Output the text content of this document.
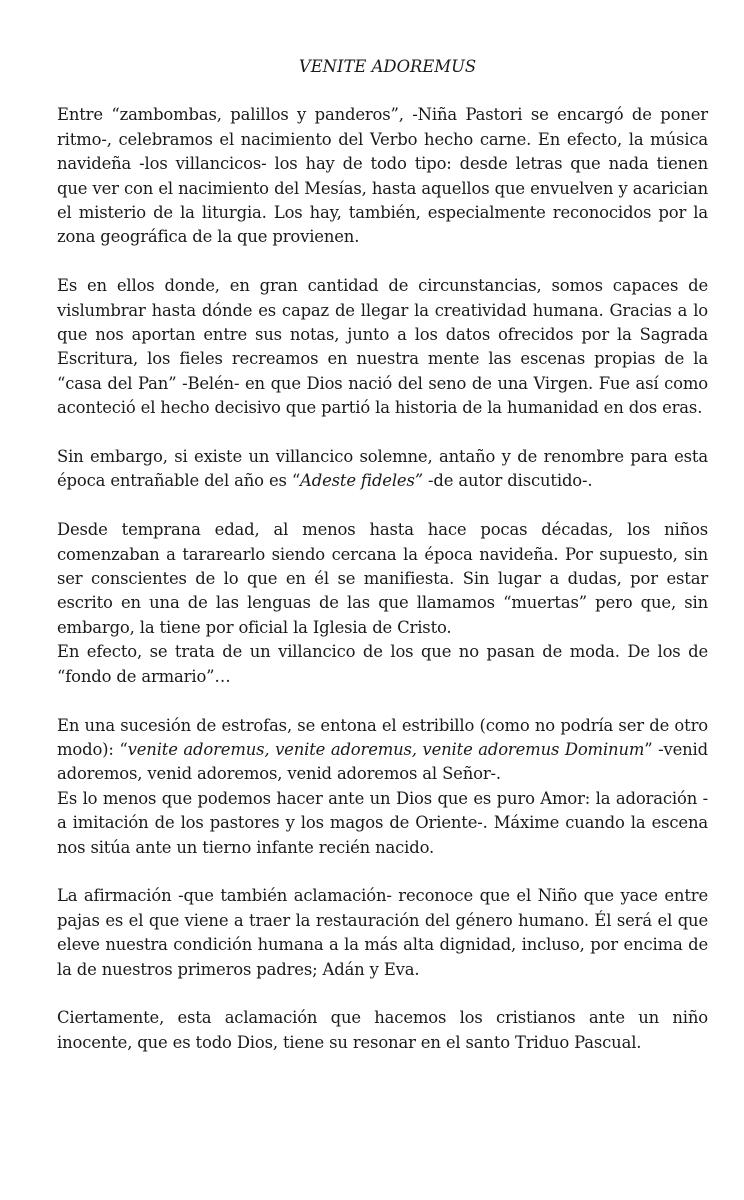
VENITE ADOREMUS

Entre “zambombas, palillos y panderos”, -Niña Pastori se encargó de poner ritmo-, celebramos el nacimiento del Verbo hecho carne. En efecto, la música navideña -los villancicos- los hay de todo tipo: desde letras que nada tienen que ver con el nacimiento del Mesías, hasta aquellos que envuelven y acarician el misterio de la liturgia. Los hay, también, especialmente reconocidos por la zona geográfica de la que provienen.

Es en ellos donde, en gran cantidad de circunstancias, somos capaces de vislumbrar hasta dónde es capaz de llegar la creatividad humana. Gracias a lo que nos aportan entre sus notas, junto a los datos ofrecidos por la Sagrada Escritura, los fieles recreamos en nuestra mente las escenas propias de la “casa del Pan” -Belén- en que Dios nació del seno de una Virgen. Fue así como aconteció el hecho decisivo que partió la historia de la humanidad en dos eras.

Sin embargo, si existe un villancico solemne, antaño y de renombre para esta época entrañable del año es “Adeste fideles” -de autor discutido-.

Desde temprana edad, al menos hasta hace pocas décadas, los niños comenzaban a tararearlo siendo cercana la época navideña. Por supuesto, sin ser conscientes de lo que en él se manifiesta. Sin lugar a dudas, por estar escrito en una de las lenguas de las que llamamos “muertas” pero que, sin embargo, la tiene por oficial la Iglesia de Cristo.

En efecto, se trata de un villancico de los que no pasan de moda. De los de “fondo de armario”…

En una sucesión de estrofas, se entona el estribillo (como no podría ser de otro modo): “venite adoremus, venite adoremus, venite adoremus Dominum” -venid adoremos, venid adoremos, venid adoremos al Señor-.

Es lo menos que podemos hacer ante un Dios que es puro Amor: la adoración -a imitación de los pastores y los magos de Oriente-. Máxime cuando la escena nos sitúa ante un tierno infante recién nacido.

La afirmación -que también aclamación- reconoce que el Niño que yace entre pajas es el que viene a traer la restauración del género humano. Él será el que eleve nuestra condición humana a la más alta dignidad, incluso, por encima de la de nuestros primeros padres; Adán y Eva.

Ciertamente, esta aclamación que hacemos los cristianos ante un niño inocente, que es todo Dios, tiene su resonar en el santo Triduo Pascual.
